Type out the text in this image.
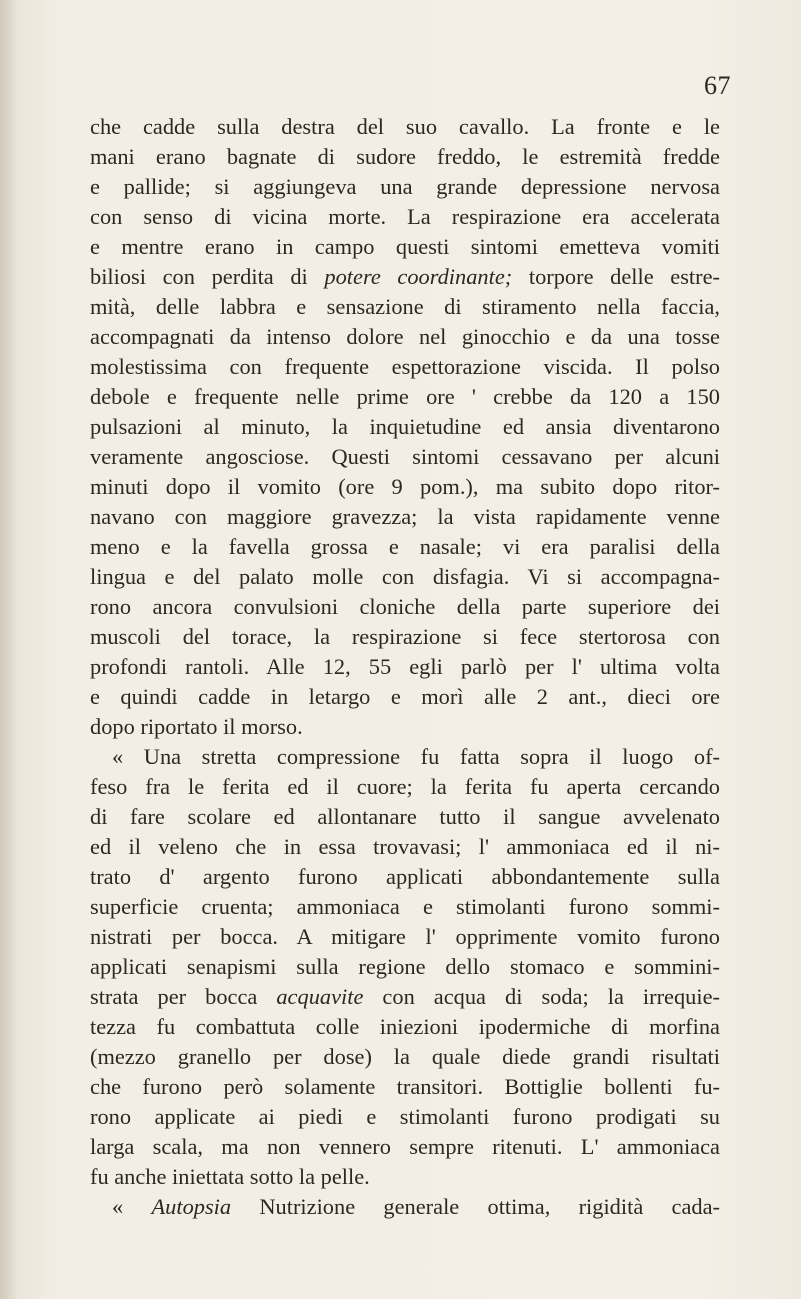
67
che cadde sulla destra del suo cavallo. La fronte e le
mani erano bagnate di sudore freddo, le estremità fredde
e pallide; si aggiungeva una grande depressione nervosa
con senso di vicina morte. La respirazione era accelerata
e mentre erano in campo questi sintomi emetteva vomiti
biliosi con perdita di potere coordinante; torpore delle estre-
mità, delle labbra e sensazione di stiramento nella faccia,
accompagnati da intenso dolore nel ginocchio e da una tosse
molestissima con frequente espettorazione viscida. Il polso
debole e frequente nelle prime ore ' crebbe da 120 a 150
pulsazioni al minuto, la inquietudine ed ansia diventarono
veramente angosciose. Questi sintomi cessavano per alcuni
minuti dopo il vomito (ore 9 pom.), ma subito dopo ritor-
navano con maggiore gravezza; la vista rapidamente venne
meno e la favella grossa e nasale; vi era paralisi della
lingua e del palato molle con disfagia. Vi si accompagna-
rono ancora convulsioni cloniche della parte superiore dei
muscoli del torace, la respirazione si fece stertorosa con
profondi rantoli. Alle 12, 55 egli parlò per l' ultima volta
e quindi cadde in letargo e morì alle 2 ant., dieci ore
dopo riportato il morso.
« Una stretta compressione fu fatta sopra il luogo of-
feso fra le ferita ed il cuore; la ferita fu aperta cercando
di fare scolare ed allontanare tutto il sangue avvelenato
ed il veleno che in essa trovavasi; l' ammoniaca ed il ni-
trato d' argento furono applicati abbondantemente sulla
superficie cruenta; ammoniaca e stimolanti furono sommi-
nistrati per bocca. A mitigare l' opprimente vomito furono
applicati senapismi sulla regione dello stomaco e sommini-
strata per bocca acquavite con acqua di soda; la irrequie-
tezza fu combattuta colle iniezioni ipodermiche di morfina
(mezzo granello per dose) la quale diede grandi risultati
che furono però solamente transitori. Bottiglie bollenti fu-
rono applicate ai piedi e stimolanti furono prodigati su
larga scala, ma non vennero sempre ritenuti. L' ammoniaca
fu anche iniettata sotto la pelle.
« Autopsia Nutrizione generale ottima, rigidità cada-
